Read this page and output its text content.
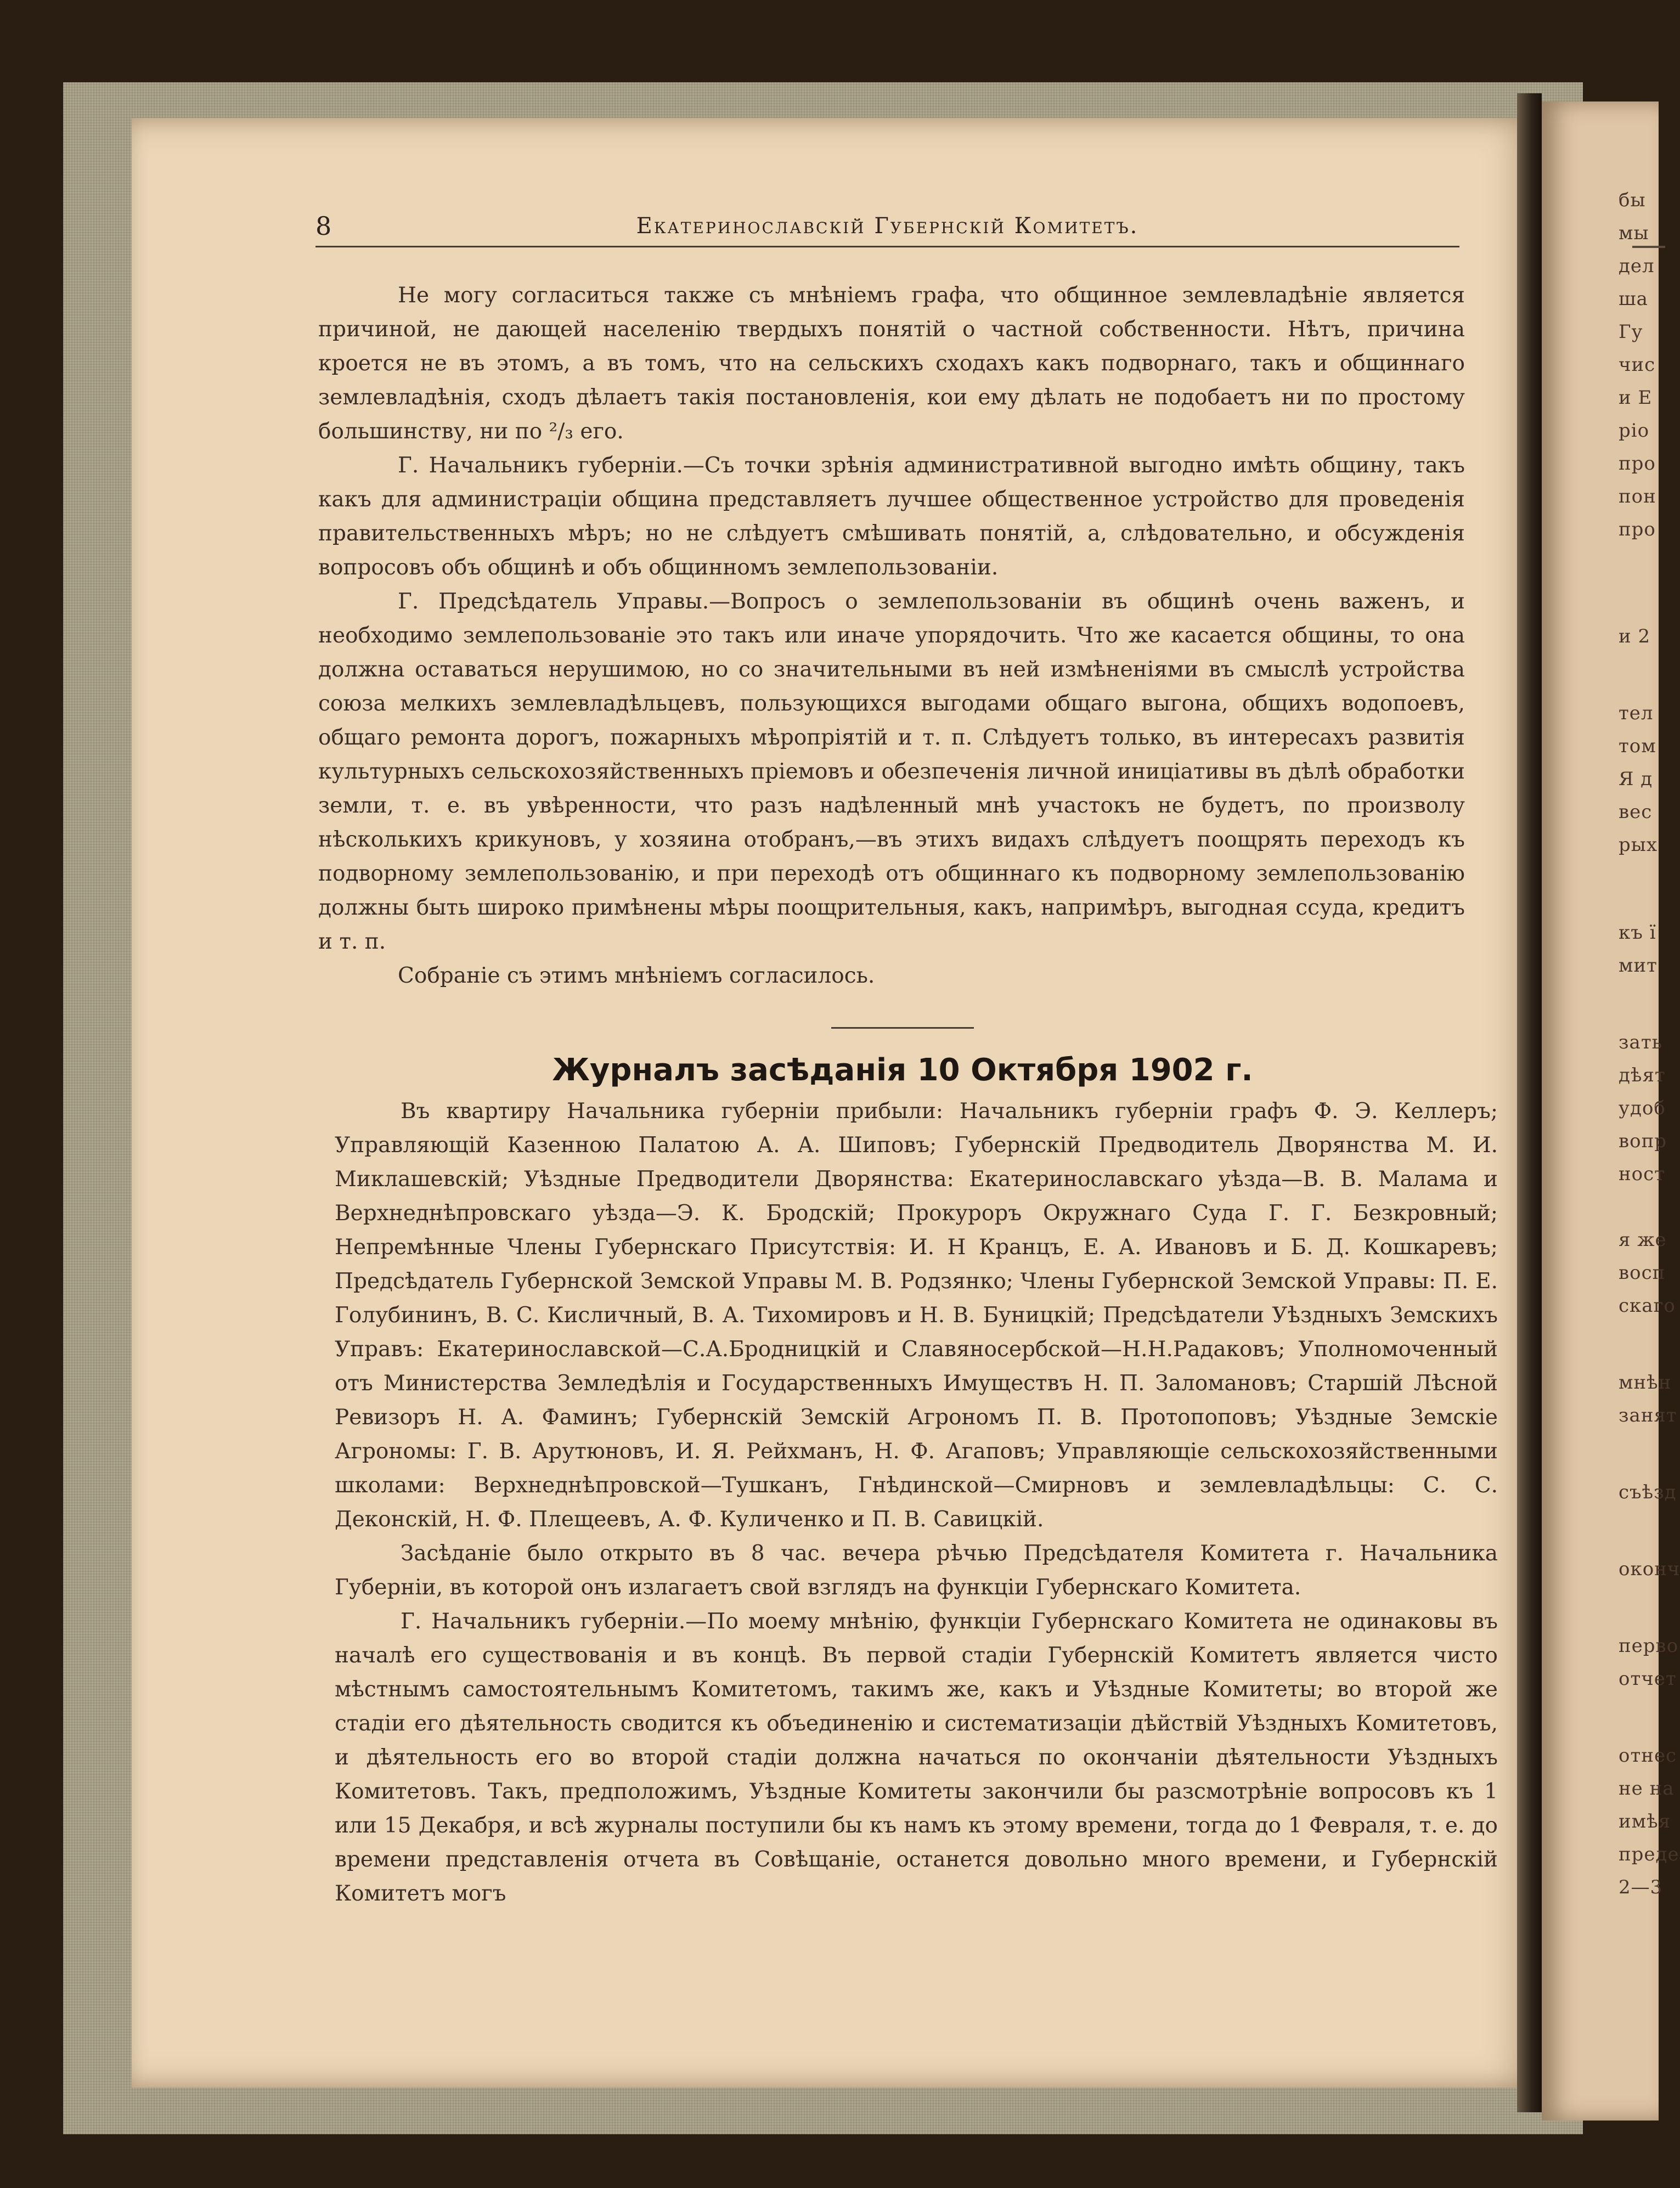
бы
мы
дел
ша
Гу
чис
и Е
ріо
про
пон
про
и 2
тел
том
Я д
вес
рых
къ ї
мит
зать
дѣят
удоб
вопр
ност
я же
восп
скаго
мнѣн
занят
съѣзд
оконч
перво
отчет
отнес
не на
имѣя
преде
2—3
8	Екатеринославскій Губернскій Комитетъ.

Не могу согласиться также съ мнѣніемъ графа, что общинное землевладѣніе является причиной, не дающей населенію твердыхъ понятій о частной собственности. Нѣтъ, причина кроется не въ этомъ, а въ томъ, что на сельскихъ сходахъ какъ подворнаго, такъ и общиннаго землевладѣнія, сходъ дѣлаетъ такія постановленія, кои ему дѣлать не подобаетъ ни по простому большинству, ни по ²/₃ его.

Г. Начальникъ губерніи.—Съ точки зрѣнія административной выгодно имѣть общину, такъ какъ для администраціи община представляетъ лучшее общественное устройство для проведенія правительственныхъ мѣръ; но не слѣдуетъ смѣшивать понятій, а, слѣдовательно, и обсужденія вопросовъ объ общинѣ и объ общинномъ землепользованіи.

Г. Предсѣдатель Управы.—Вопросъ о землепользованіи въ общинѣ очень важенъ, и необходимо землепользованіе это такъ или иначе упорядочить. Что же касается общины, то она должна оставаться нерушимою, но со значительными въ ней измѣненіями въ смыслѣ устройства союза мелкихъ землевладѣльцевъ, пользующихся выгодами общаго выгона, общихъ водопоевъ, общаго ремонта дорогъ, пожарныхъ мѣропріятій и т. п. Слѣдуетъ только, въ интересахъ развитія культурныхъ сельскохозяйственныхъ пріемовъ и обезпеченія личной иниціативы въ дѣлѣ обработки земли, т. е. въ увѣренности, что разъ надѣленный мнѣ участокъ не будетъ, по произволу нѣсколькихъ крикуновъ, у хозяина отобранъ,—въ этихъ видахъ слѣдуетъ поощрять переходъ къ подворному землепользованію, и при переходѣ отъ общиннаго къ подворному землепользованію должны быть широко примѣнены мѣры поощрительныя, какъ, напримѣръ, выгодная ссуда, кредитъ и т. п.

Собраніе съ этимъ мнѣніемъ согласилось.

Журналъ засѣданія 10 Октября 1902 г.

Въ квартиру Начальника губерніи прибыли: Начальникъ губерніи графъ Ф. Э. Келлеръ; Управляющій Казенною Палатою А. А. Шиповъ; Губернскій Предводитель Дворянства М. И. Миклашевскій; Уѣздные Предводители Дворянства: Екатеринославскаго уѣзда—В. В. Малама и Верхнеднѣпровскаго уѣзда—Э. К. Бродскій; Прокуроръ Окружнаго Суда Г. Г. Безкровный; Непремѣнные Члены Губернскаго Присутствія: И. Н Кранцъ, Е. А. Ивановъ и Б. Д. Кошкаревъ; Предсѣдатель Губернской Земской Управы М. В. Родзянко; Члены Губернской Земской Управы: П. Е. Голубининъ, В. С. Кисличный, В. А. Тихомировъ и Н. В. Буницкій; Предсѣдатели Уѣздныхъ Земскихъ Управъ: Екатеринославской—С.А.Бродницкій и Славяносербской—Н.Н.Радаковъ; Уполномоченный отъ Министерства Земледѣлія и Государственныхъ Имуществъ Н. П. Заломановъ; Старшій Лѣсной Ревизоръ Н. А. Фаминъ; Губернскій Земскій Агрономъ П. В. Протопоповъ; Уѣздные Земскіе Агрономы: Г. В. Арутюновъ, И. Я. Рейхманъ, Н. Ф. Агаповъ; Управляющіе сельскохозяйственными школами: Верхнеднѣпровской—Тушканъ, Гнѣдинской—Смирновъ и землевладѣльцы: С. С. Деконскій, Н. Ф. Плещеевъ, А. Ф. Куличенко и П. В. Савицкій.

Засѣданіе было открыто въ 8 час. вечера рѣчью Предсѣдателя Комитета г. Начальника Губерніи, въ которой онъ излагаетъ свой взглядъ на функціи Губернскаго Комитета.

Г. Начальникъ губерніи.—По моему мнѣнію, функціи Губернскаго Комитета не одинаковы въ началѣ его существованія и въ концѣ. Въ первой стадіи Губернскій Комитетъ является чисто мѣстнымъ самостоятельнымъ Комитетомъ, такимъ же, какъ и Уѣздные Комитеты; во второй же стадіи его дѣятельность сводится къ объединенію и систематизаціи дѣйствій Уѣздныхъ Комитетовъ, и дѣятельность его во второй стадіи должна начаться по окончаніи дѣятельности Уѣздныхъ Комитетовъ. Такъ, предположимъ, Уѣздные Комитеты закончили бы разсмотрѣніе вопросовъ къ 1 или 15 Декабря, и всѣ журналы поступили бы къ намъ къ этому времени, тогда до 1 Февраля, т. е. до времени представленія отчета въ Совѣщаніе, останется довольно много времени, и Губернскій Комитетъ могъ
